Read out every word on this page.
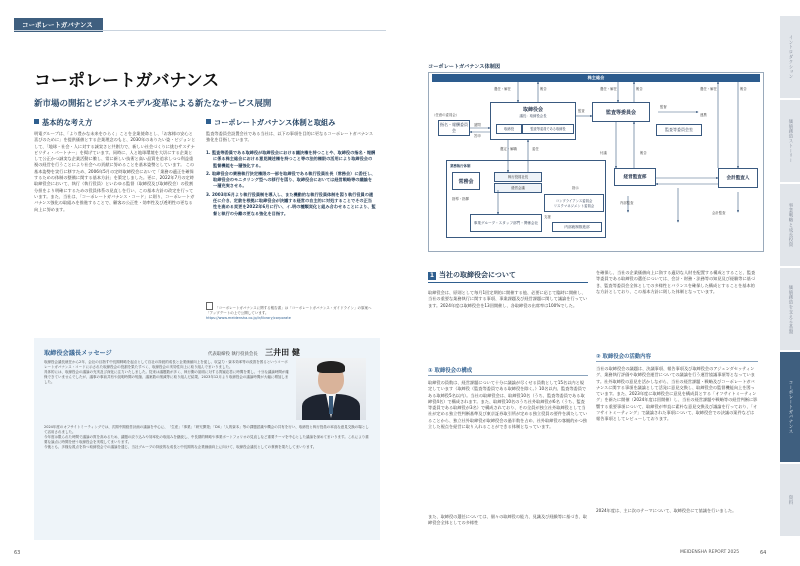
コーポレートガバナンス
コーポレートガバナンス
新市場の開拓とビジネスモデル変革による新たなサービス展開
基本的な考え方
明電グループは、「より豊かな未来をひらく」ことを企業使命とし、「お客様の安心と喜びのために」を提供価値とする企業理念のもと、2030年のありたい姿・ビジョンとして、「地球・社会・人に対する誠実さと共創力で、新しい社会づくりに挑むサステナビリティ・パートナー」を掲げています。同時に、人と地球環境を大切にする企業として公正かつ誠実な企業活動に徹し、常に新しい技術と高い品質を追求しつつ利益重視の経営を行うことにより社会への貢献に努めることを基本姿勢としています。 この基本姿勢を実行に移すため、2006年5月の定時取締役会において「業務の適正を確保するための体制の整備に関する基本方針」を策定しました。更に、2022年7月の定時取締役会において、執行（執行役員）といわゆる監督（取締役及び取締役会）の役割分担をより明確にするための役員体系の見直しを行い、この基本方針の改定を行っています。また、当社は、「コーポレートガバナンス・コード」に則り、コーポレートガバナンス強化の取組みを推進することで、顧客の公正性・効率性及び透明性の更なる向上に努めます。
コーポレートガバナンス体制と取組み
監査等委員会設置会社である当社は、以下の事項を目的に更なるコーポレートガバナンス強化を目指しています。
1. 監査等委員である取締役が取締役会における議決権を持つことや、取締役の指名・報酬に係る株主総会における意見陳述権を持つこと等の法的権限の活用により取締役会の監督機能を一層強化する。
2. 取締役会の業務執行決定権限の一部を取締役である執行役員社長（常務会）に委任し、取締役会のモニタリング型への移行を図り、取締役会においては経営戦略等の議論を一層充実させる。
3. 2003年6月より執行役員制を導入し、また機動的な執行役員体制を図り執行役員の適任に介き、定款を根拠に取締役会が決議する経営の自主的に対処することでその正当性を高める変更を2022年6月に行い、イ.明の種類変化と組み合わせることにより、監督と執行の分離の更なる強化を目指す。
「コーポレートガバナンスに関する報告書」は「コーポレートガバナンス・ガイドライン」の原案へ「アップデートの上で公開しています。
https://www.meidensha.co.jp/ir/library/corporate
取締役会議長メッセージ	代表取締役 執行役員会長 三井田 健
取締役会議長就任から2年、会社の目指す中長期戦略を起点として自社の持続的成長と企業価値向上を促し、収益力・資本効率等の改善を図るというコーポレートガバナンス・コードに示された取締役会の役割を果たすべく、取締役会の実効性向上に取り組んでまいりました。
具体的には、取締役会の議論の充実及び深化に注力いたしました。従来は議題数が多く、執行側の説明に対する質疑応答に時間を要し、十分な議論時間が確保できていませんでしたが、議事の事前共有や説明時間の短縮、議案数の削減等に取り組んだ結果、2023年12月より取締役会の議論時間が大幅に増加しました。
2024年度のオフサイトミーティングでは、次期中期経営計画の議論を中心に、「生産」「事業」「研究開発」「DX」「人的資本」等の課題認識や機会の共有を行い、取締役と執行役員の率直な意見交換の場として活用されました。
今年度は限られた時間で議論の質を高めるため、議題の絞り込みや効率化の取組みを継続し、中長期的戦略や事業ポートフォリオの見直しなど重要テーマを中心とした議論を深めてまいります。これにより重要な論点に時間を使う取締役会を実現してまいります。
今後とも、多様な視点を持つ取締役会での議論を通じ、当社グループの持続的な成長と中長期的な企業価値向上に向けて、取締役会議長としての責務を果たしてまいります。
63	MEIDENSHA REPORT 2025	64
コーポレートガバナンス体制図
株主総会
（任意の委員会）
指名・報酬委員会
取締役会
議長：取締役会長
取締役	監査等委員である取締役
監査等委員会
監査等委員会室
業務執行体制
常務会
執行役員社長
経営会議
コンプライアンス委員会
リスクマネジメント委員会
事業グループ・スタッフ部門・関係会社
内部統制推進部
経営監査部	会計監査人
選任・解任	報告	選任・解任	報告	選任・解任	報告
諮問
答申
監査
監督
連携
選定・解職	委任
付議	報告
指示
内部監査
会計監査
指導・指揮
支援
1 当社の取締役会について
取締役会は、原則として毎月1回定期的に開催する他、必要に応じて臨時に開催し、当社の重要な業務執行に関する事項、事業課題及び経営課題に関して議論を行っています。2024年度は取締役会を13回開催し、各取締役の出席率は100%でした。
① 取締役会の構成
取締役の員数は、経営課題について十分に議論が尽くせる員数として15名以内と規定しています（取締役（監査等委員である取締役を除く。）10名以内、監査等委員である取締役5名以内）。当社の取締役会は、取締役10名（うち、監査等委員である取締役4名）で構成されます。また、取締役10名のうち社外取締役が6名（うち、監査等委員である取締役が3名）で構成されており、その全員が独立社外取締役として当社が定める独立性判断基準及び東京証券取引所が定める独立役員の要件を満たしていることから、独立社外取締役が取締役会の過半数を占め、社外取締役の客観的かつ独立した視点を経営に取り入れることができる体制となっています。
また、取締役の選任については、個々の取締役の能力、見識及び経験等に基づき、取締役会全体としての多様性
を確保し、当社の企業価値向上に資する適切な人財を配置する構成とすること、監査等委員である取締役の選任については、会計・財務・法務等の知見及び経験等に基づき、監査等委員会全体としての多様性とバランスを確保した構成とすることを基本的な方針としており、この基本方針に則した体制となっています。
② 取締役会の活動内容
当社の取締役会の議題は、決議事項、報告事項及び取締役会のアジェンダセッティング、業務執行評価や取締役会運営についての議論を行う運営協議事項等となっています。社外取締役の意見を活かしながら、当社の経営課題・戦略及びコーポレートガバナンスに関する事項を議論として活発に意見交換し、取締役会の監督機能向上を図っています。また、2023年度に取締役会に意見を構成員とする「オフサイトミーティング」を新たに開催（2024年度は回開催）し、当社の経営課題や戦略等の経営判断に影響する重要事項について、取締役が率直に素朴な意見交換及び議論を行っており、「オフサイトミーティング」で議論された事項について、取締役会での決議の案件などは報告事項としてレビューしております。
2024年度は、主に次のテーマについて、取締役会にて協議を行いました。
イントロダクション
価値創造ストーリー
事業戦略と成長投資
価値創造を支える基盤
コーポレートガバナンス
資料
